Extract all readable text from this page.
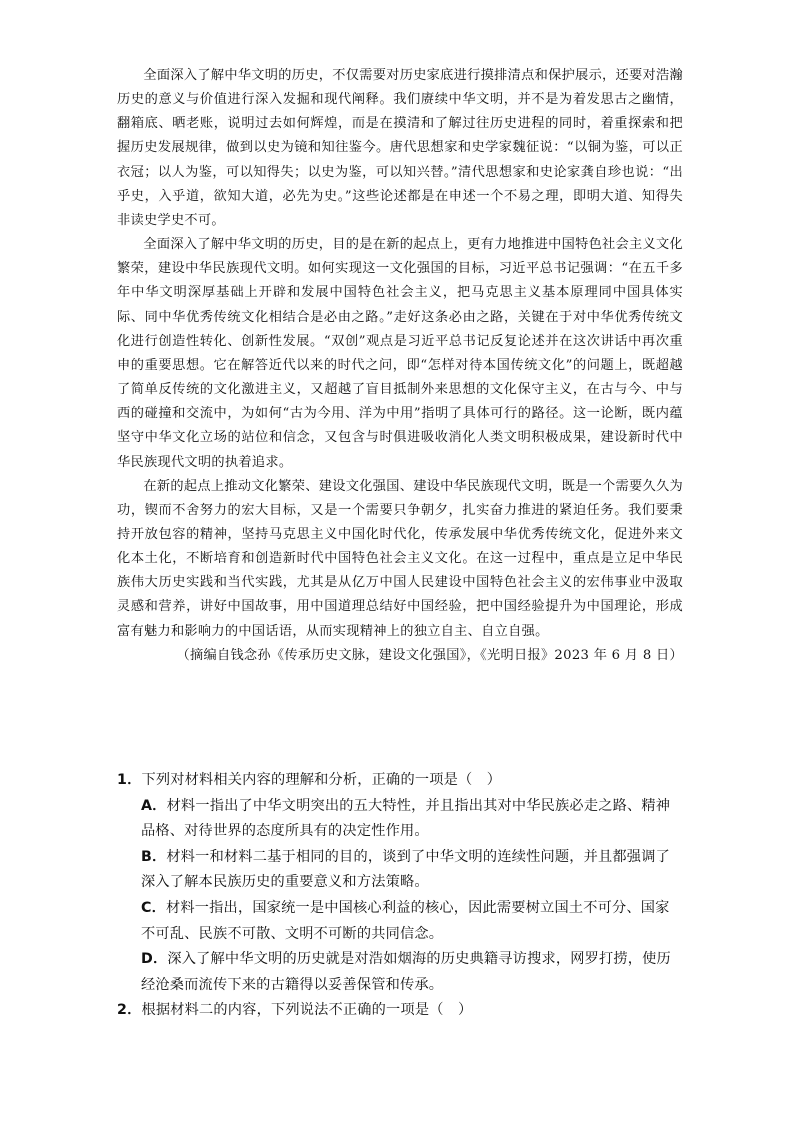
全面深入了解中华文明的历史，不仅需要对历史家底进行摸排清点和保护展示，还要对浩瀚历史的意义与价值进行深入发掘和现代阐释。我们赓续中华文明，并不是为着发思古之幽情，翻箱底、晒老账，说明过去如何辉煌，而是在摸清和了解过往历史进程的同时，着重探索和把握历史发展规律，做到以史为镜和知往鉴今。唐代思想家和史学家魏征说：“以铜为鉴，可以正衣冠；以人为鉴，可以知得失；以史为鉴，可以知兴替。”清代思想家和史论家龚自珍也说：“出乎史，入乎道，欲知大道，必先为史。”这些论述都是在申述一个不易之理，即明大道、知得失非读史学史不可。

全面深入了解中华文明的历史，目的是在新的起点上，更有力地推进中国特色社会主义文化繁荣，建设中华民族现代文明。如何实现这一文化强国的目标，习近平总书记强调：“在五千多年中华文明深厚基础上开辟和发展中国特色社会主义，把马克思主义基本原理同中国具体实际、同中华优秀传统文化相结合是必由之路。”走好这条必由之路，关键在于对中华优秀传统文化进行创造性转化、创新性发展。“双创”观点是习近平总书记反复论述并在这次讲话中再次重申的重要思想。它在解答近代以来的时代之问，即“怎样对待本国传统文化”的问题上，既超越了简单反传统的文化激进主义，又超越了盲目抵制外来思想的文化保守主义，在古与今、中与西的碰撞和交流中，为如何“古为今用、洋为中用”指明了具体可行的路径。这一论断，既内蕴坚守中华文化立场的站位和信念，又包含与时俱进吸收消化人类文明积极成果，建设新时代中华民族现代文明的执着追求。

在新的起点上推动文化繁荣、建设文化强国、建设中华民族现代文明，既是一个需要久久为功，锲而不舍努力的宏大目标，又是一个需要只争朝夕，扎实奋力推进的紧迫任务。我们要秉持开放包容的精神，坚持马克思主义中国化时代化，传承发展中华优秀传统文化，促进外来文化本土化，不断培育和创造新时代中国特色社会主义文化。在这一过程中，重点是立足中华民族伟大历史实践和当代实践，尤其是从亿万中国人民建设中国特色社会主义的宏伟事业中汲取灵感和营养，讲好中国故事，用中国道理总结好中国经验，把中国经验提升为中国理论，形成富有魅力和影响力的中国话语，从而实现精神上的独立自主、自立自强。

（摘编自钱念孙《传承历史文脉，建设文化强国》，《光明日报》2023 年 6 月 8 日）

1．下列对材料相关内容的理解和分析，正确的一项是（　）
A．材料一指出了中华文明突出的五大特性，并且指出其对中华民族必走之路、精神品格、对待世界的态度所具有的决定性作用。
B．材料一和材料二基于相同的目的，谈到了中华文明的连续性问题，并且都强调了深入了解本民族历史的重要意义和方法策略。
C．材料一指出，国家统一是中国核心利益的核心，因此需要树立国土不可分、国家不可乱、民族不可散、文明不可断的共同信念。
D．深入了解中华文明的历史就是对浩如烟海的历史典籍寻访搜求，网罗打捞，使历经沧桑而流传下来的古籍得以妥善保管和传承。
2．根据材料二的内容，下列说法不正确的一项是（　）
